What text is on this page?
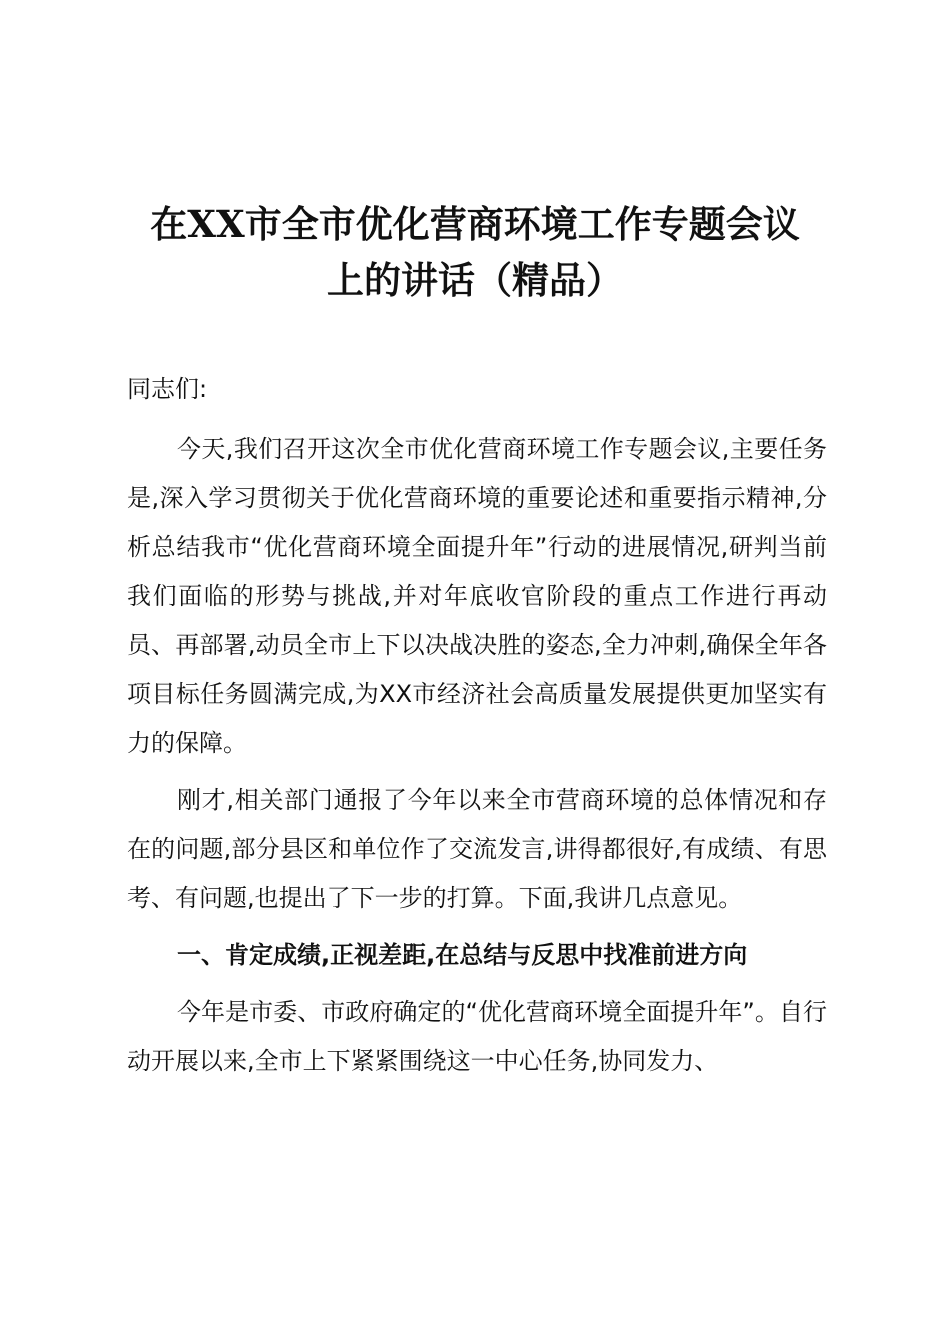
在XX市全市优化营商环境工作专题会议
上的讲话（精品）

同志们:

今天,我们召开这次全市优化营商环境工作专题会议,主要任务是,深入学习贯彻关于优化营商环境的重要论述和重要指示精神,分析总结我市“优化营商环境全面提升年”行动的进展情况,研判当前我们面临的形势与挑战,并对年底收官阶段的重点工作进行再动员、再部署,动员全市上下以决战决胜的姿态,全力冲刺,确保全年各项目标任务圆满完成,为XX市经济社会高质量发展提供更加坚实有力的保障。

刚才,相关部门通报了今年以来全市营商环境的总体情况和存在的问题,部分县区和单位作了交流发言,讲得都很好,有成绩、有思考、有问题,也提出了下一步的打算。下面,我讲几点意见。

一、肯定成绩,正视差距,在总结与反思中找准前进方向

今年是市委、市政府确定的“优化营商环境全面提升年”。自行动开展以来,全市上下紧紧围绕这一中心任务,协同发力、
